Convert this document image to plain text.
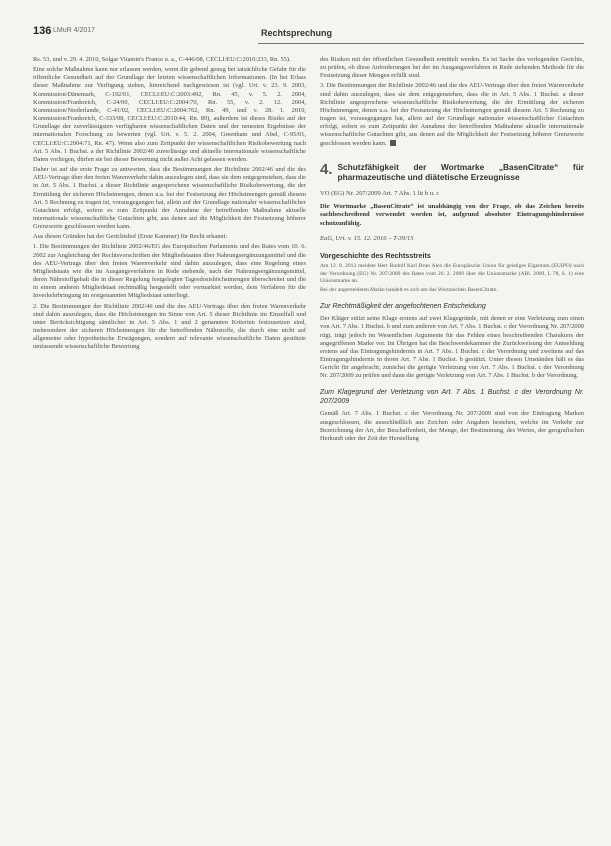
136 LMuR 4/2017	Rechtsprechung

Rs. 53, und v. 29. 4. 2010, Solgar Vitamin's France u. a., C-446/08, CECLI:EU:C:2010:233, Rn. 55).

Eine solche Maßnahme kann nur erlassen werden, wenn die gebend genug bei tatsächliche Gefahr für die öffentliche Gesundheit auf der Grundlage der letzten wissenschaftlichen Informationen. (In bei Erlass dieser Maßnahme zur Verfügung stehen, hinreichend nachgewiesen ist (vgl. Urt. v. 23. 9. 2003, Kommission/Dänemark, C-192/01, CECLI:EU:C:2003:492, Rn. 45, v. 5. 2. 2004, Kommission/Frankreich, C-24/00, CECLI:EU:C:2004:70, Rn. 55, v. 2. 12. 2004, Kommission/Niederlande, C-41/02, CECLI:EU:C:2004:762, Rn. 49, und v. 28. 1. 2010, Kommission/Frankreich, C-333/08, CECLI:EU:C:2010:44, Rn. 89), außerdem ist dieses Risiko auf der Grundlage der zuverlässigsten verfügbaren wissenschaftlichen Daten und der neuesten Ergebnisse der internationalen Forschung zu bewerten (vgl. Urt. v. 5. 2. 2004, Greenham und Abel, C-95/01, CECLI:EU:C:2004:71, Rn. 47). Wenn also zum Zeitpunkt der wissenschaftlichen Risikobewertung nach Art. 5 Abs. 1 Buchst. a der Richtlinie 2002/46 zuverlässige und aktuelle internationale wissenschaftliche Daten vorliegen, dürfen sie bei dieser Bewertung nicht außer Acht gelassen werden.

Daher ist auf die erste Frage zu antworten, dass die Bestimmungen der Richtlinie 2002/46 und die des AEU-Vertrags über den freien Warenverkehr dahin auszulegen sind, dass sie dem entgegenstehen, dass die in Art. 5 Abs. 1 Buchst. a dieser Richtlinie angesprochene wissenschaftliche Risikobewertung, die der Ermittlung der sicheren Höchstmengen, denen u.a. bei der Festsetzung der Höchstmengen gemäß diesem Art. 5 Rechnung zu tragen ist, vorausgegangen hat, allein auf der Grundlage nationaler wissenschaftlicher Gutachten erfolgt, sofern es zum Zeitpunkt der Annahme der betreffenden Maßnahme aktuelle internationale wissenschaftliche Gutachten gibt, aus denen auf die Möglichkeit der Festsetzung höherer Grenzwerte geschlossen werden kann.

Aus diesen Gründen hat der Gerichtshof (Erste Kammer) für Recht erkannt:

1. Die Bestimmungen der Richtlinie 2002/46/EG des Europäischen Parlaments und des Rates vom 10. 6. 2002 zur Angleichung der Rechtsvorschriften der Mitgliedstaaten über Nahrungsergänzungsmittel und die des AEU-Vertrags über den freien Warenverkehr sind dahin auszulegen, dass eine Regelung eines Mitgliedstaats wie die im Ausgangsverfahren in Rede stehende, nach der Nahrungsergänzungsmittel, deren Nährstoffgehalt die in dieser Regelung festgelegten Tagesdosishöchstmengen überschreitet und die in einem anderen Mitgliedstaat rechtmäßig hergestellt oder vermarktet werden, dem Verfahren für die Inverkehrbringung im erstgenannten Mitgliedstaat unterliegt.

2. Die Bestimmungen der Richtlinie 2002/46 und die des AEU-Vertrags über den freien Warenverkehr sind dahin auszulegen, dass die Höchstmengen im Sinne von Art. 5 dieser Richtlinie im Einzelfall und unter Berücksichtigung sämtlicher in Art. 5 Abs. 1 und 2 genannten Kriterien festzusetzen sind, insbesondere der sicheren Höchstmengen für die betreffenden Nährstoffe, die durch eine nicht auf allgemeine oder hypothetische Erwägungen, sondern auf relevante wissenschaftliche Daten gestützte umfassende wissenschaftliche Bewertung

des Risikos mit der öffentlichen Gesundheit ermittelt werden. Es ist Sache des vorlegenden Gerichts, zu prüfen, ob diese Anforderungen bei der im Ausgangsverfahren in Rede stehenden Methode für die Festsetzung dieser Mengen erfüllt sind.

3. Die Bestimmungen der Richtlinie 2002/46 und die des AEU-Vertrags über den freien Warenverkehr sind dahin auszulegen, dass sie dem entgegenstehen, dass die in Art. 5 Abs. 1 Buchst. a dieser Richtlinie angesprochene wissenschaftliche Risikobewertung, die der Ermittlung der sicheren Höchstmengen, denen u.a. bei der Festsetzung der Höchstmengen gemäß diesem Art. 5 Rechnung zu tragen ist, vorausgegangen hat, allein auf der Grundlage nationaler wissenschaftlicher Gutachten erfolgt, sofern es zum Zeitpunkt der Annahme der betreffenden Maßnahme aktuelle internationale wissenschaftliche Gutachten gibt, aus denen auf die Möglichkeit der Festsetzung höherer Grenzwerte geschlossen werden kann.

4. Schutzfähigkeit der Wortmarke „BasenCitrate“ für pharmazeutische und diätetische Erzeugnisse
VO (EG) Nr. 207/2009 Art. 7 Abs. 1 lit b u. c
Die Wortmarke „BasenCitrate“ ist unabhängig von der Frage, ob das Zeichen bereits sachbeschreibend verwendet worden ist, aufgrund absoluter Eintragungshindernisse schutzunfähig.
EuG, Urt. v. 15. 12. 2016 – T-39/15
Vorgeschichte des Rechtsstreits

Am 12. 8. 2013 meldete Herr Rudolf Karl Brun Alex die Europäische Union für geistiges Eigentum (EUIPO) nach der Verordnung (EG) Nr. 207/2009 des Rates vom 26. 2. 2009 über die Unionsmarke (ABl. 2009, L 78, S. 1) eine Unionsmarke an.

Bei der angemeldeten Marke handelt es sich um das Wortzeichen BasenCitrate.

Zur Rechtmäßigkeit der angefochtenen Entscheidung

Der Kläger stützt seine Klage erstens auf zwei Klagegründe, mit denen er eine Verletzung zum einen von Art. 7 Abs. 1 Buchst. b und zum anderen von Art. 7 Abs. 1 Buchst. c der Verordnung Nr. 207/2009 rügt, trägt jedoch im Wesentlichen Argumente für das Fehlen eines beschreibenden Charakters der angegriffenen Marke vor. Im Übrigen hat die Beschwerdekammer die Zurückweisung der Anmeldung erstens auf das Eintragungshindernis in Art. 7 Abs. 1 Buchst. c der Verordnung und zweitens auf das Eintragungshindernis in deren Art. 7 Abs. 1 Buchst. b gestützt. Unter diesen Umständen hält es das Gericht für angebracht, zunächst die gerügte Verletzung von Art. 7 Abs. 1 Buchst. c der Verordnung Nr. 207/2009 zu prüfen und dann die gerügte Verletzung von Art. 7 Abs. 1 Buchst. b der Verordnung.

Zum Klagegrund der Verletzung von Art. 7 Abs. 1 Buchst. c der Verordnung Nr. 207/2009

Gemäß Art. 7 Abs. 1 Buchst. c der Verordnung Nr. 207/2009 sind von der Eintragung Marken ausgeschlossen, die ausschließlich aus Zeichen oder Angaben bestehen, welche im Verkehr zur Bezeichnung der Art, der Beschaffenheit, der Menge, der Bestimmung, des Wertes, der geografischen Herkunft oder der Zeit der Herstellung
